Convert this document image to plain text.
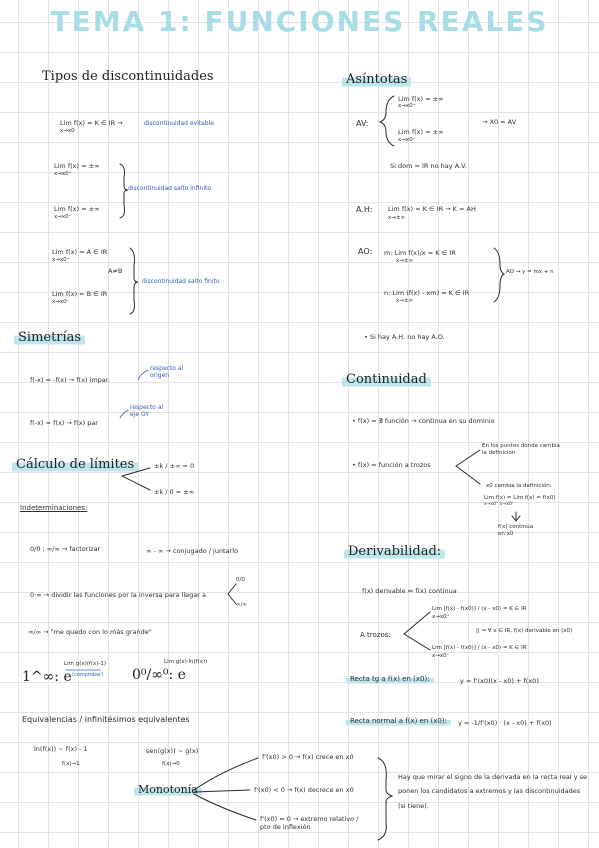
TEMA 1: FUNCIONES REALES
Tipos de discontinuidades
Lim f(x) = K ∈ IR →
x→x0
discontinuidad evitable
Lim f(x) = ±∞
x→x0⁺
Lim f(x) = ±∞
x→x0⁻
discontinuidad salto infinito
Lim f(x) = A ∈ IR
x→x0⁺
A≠B
Lim f(x) = B ∈ IR
x→x0⁻
discontinuidad salto finito
Simetrías
f(-x) = -f(x) → f(x) impar.
respecto al origen
f(-x) = f(x) → f(x) par
respecto al eje OY
Cálculo de límites	±k / ±∞ = 0
±k / 0 = ±∞
Indeterminaciones:
0/0 ; ∞/∞ → factorizar	∞ - ∞ → conjugado / juntarlo
0·∞ → dividir las funciones por la inversa para llegar a
0/0
∞/∞
∞/∞ → "me quedo con lo más grande"
1^∞: e
Lim g(x)(f(x)-1)
(comprobar) 0⁰/∞⁰: e
Lim g(x)·ln(f(x))
Equivalencias / infinitésimos equivalentes
ln(f(x)) ~ f(x) - 1
f(x)→1
sen(g(x)) ~ g(x)
f(x)→0
Monotonía
f'(x0) > 0 → f(x) crece en x0
f'(x0) < 0 → f(x) decrece en x0
f'(x0) = 0 → extremo relativo / pto de inflexión
Hay que mirar el signo de la derivada en la recta real y se ponen los candidatos a extremos y las discontinuidades (si tiene).
Asíntotas
AV:
Lim f(x) = ±∞
x→x0⁺
Lim f(x) = ±∞
x→x0⁻
→ X0 = AV
Si dom = IR no hay A.V.
A.H: Lim f(x) = K ∈ IR → K = AH
x→±∞
AO: m: Lim f(x)/x = K ∈ IR
x→±∞
n: Lim (f(x) - xm) = K ∈ IR
x→±∞
AO → y = mx + n
• Si hay A.H. no hay A.O.
Continuidad
• f(x) = ∄ función → continua en su dominio
• f(x) = función a trozos
En los puntos donde cambia la definición
x0 cambia la definición:
Lim f(x) = Lim f(x) = f(x0)
x→x0⁻ x→x0⁺
f(x) continua en x0
Derivabilidad:
f(x) derivable ⇔ f(x) continua
A trozos:
Lim [f(x) - f(x0)] / (x - x0) = K ∈ IR
x→x0⁺
|| ⇒ ∀ x ∈ IR, f(x) derivable en (x0)
Lim [f(x) - f(x0)] / (x - x0) = K ∈ IR
x→x0⁻
Recta tg a f(x) en (x0):	y = f'(x0)(x - x0) + f(x0)
Recta normal a f(x) en (x0):	y = -1/f'(x0) · (x - x0) + f(x0)
